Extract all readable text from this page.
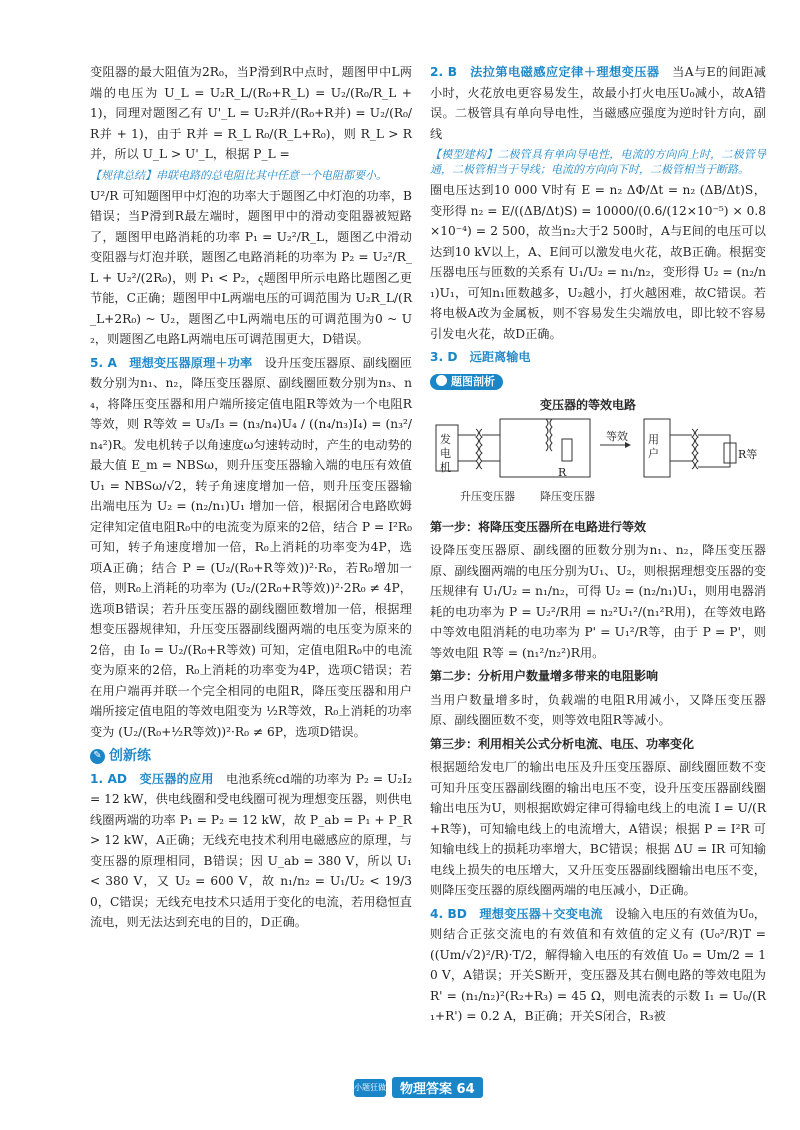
变阻器的最大阻值为2R₀，当P滑到R中点时，题图甲中L两端的电压为 U_L = U₂R_L/(R₀+R_L) = U₂/(R₀/R_L + 1)，同理对题图乙有 U'_L = U₂R并/(R₀+R并) = U₂/(R₀/R并 + 1)，由于 R并 = R_L R₀/(R_L+R₀)，则 R_L > R并，所以 U_L > U'_L，根据 P_L =

【规律总结】串联电路的总电阻比其中任意一个电阻都要小。

U²/R 可知题图甲中灯泡的功率大于题图乙中灯泡的功率，B错误；当P滑到R最左端时，题图甲中的滑动变阻器被短路了，题图甲电路消耗的功率 P₁ = U₂²/R_L，题图乙中滑动变阻器与灯泡并联，题图乙电路消耗的功率为 P₂ = U₂²/R_L + U₂²/(2R₀)，则 P₁ < P₂，ද题图甲所示电路比题图乙更节能，C正确；题图甲中L两端电压的可调范围为 U₂R_L/(R_L+2R₀) ~ U₂，题图乙中L两端电压的可调范围为0 ~ U₂，则题图乙电路L两端电压可调范围更大，D错误。

5. A　理想变压器原理＋功率　 设升压变压器原、副线圈匝数分别为n₁、n₂，降压变压器原、副线圈匝数分别为n₃、n₄，将降压变压器和用户端所接定值电阻R等效为一个电阻R等效，则 R等效 = U₃/I₃ = (n₃/n₄)U₄ / ((n₄/n₃)I₄) = (n₃²/n₄²)R。发电机转子以角速度ω匀速转动时，产生的电动势的最大值 E_m = NBSω，则升压变压器输入端的电压有效值 U₁ = NBSω/√2，转子角速度增加一倍，则升压变压器输出端电压为 U₂ = (n₂/n₁)U₁ 增加一倍，根据闭合电路欧姆定律知定值电阻R₀中的电流变为原来的2倍，结合 P = I²R₀ 可知，转子角速度增加一倍，R₀上消耗的功率变为4P，选项A正确；结合 P = (U₂/(R₀+R等效))²·R₀，若R₀增加一倍，则R₀上消耗的功率为 (U₂/(2R₀+R等效))²·2R₀ ≠ 4P，选项B错误；若升压变压器的副线圈匝数增加一倍，根据理想变压器规律知，升压变压器副线圈两端的电压变为原来的2倍，由 I₀ = U₂/(R₀+R等效) 可知，定值电阻R₀中的电流变为原来的2倍，R₀上消耗的功率变为4P，选项C错误；若在用户端再并联一个完全相同的电阻R，降压变压器和用户端所接定值电阻的等效电阻变为 ½R等效，R₀上消耗的功率变为 (U₂/(R₀+½R等效))²·R₀ ≠ 6P，选项D错误。

✎ 创新练

1. AD　变压器的应用　 电池系统cd端的功率为 P₂ = U₂I₂ = 12 kW，供电线圈和受电线圈可视为理想变压器，则供电线圈两端的功率 P₁ = P₂ = 12 kW，故 P_ab = P₁ + P_R > 12 kW，A正确；无线充电技术利用电磁感应的原理，与变压器的原理相同，B错误；因 U_ab = 380 V，所以 U₁ < 380 V，又 U₂ = 600 V，故 n₁/n₂ = U₁/U₂ < 19/30，C错误；无线充电技术只适用于变化的电流，若用稳恒直流电，则无法达到充电的目的，D正确。

2. B　法拉第电磁感应定律＋理想变压器　 当A与E的间距减小时，火花放电更容易发生，故最小打火电压U₀减小，故A错误。二极管具有单向导电性，当磁感应强度为逆时针方向，副线

【模型建构】二极管具有单向导电性，电流的方向向上时，二极管导通，二极管相当于导线；电流的方向向下时，二极管相当于断路。

圈电压达到10 000 V时有 E = n₂ ΔΦ/Δt = n₂ (ΔB/Δt)S，变形得 n₂ = E/((ΔB/Δt)S) = 10000/(0.6/(12×10⁻⁵) × 0.8×10⁻⁴) = 2 500，故当n₂大于2 500时，A与E间的电压可以达到10 kV以上，A、E间可以激发电火花，故B正确。根据变压器电压与匝数的关系有 U₁/U₂ = n₁/n₂，变形得 U₂ = (n₂/n₁)U₁，可知n₁匝数越多，U₂越小，打火越困难，故C错误。若将电极A改为金属板，则不容易发生尖端放电，即比较不容易引发电火花，故D正确。

3. D　远距离输电

题图剖析
变压器的等效电路
发电机
等效
R
用户	R等
升压变压器 降压变压器

第一步：将降压变压器所在电路进行等效

设降压变压器原、副线圈的匝数分别为n₁、n₂，降压变压器原、副线圈两端的电压分别为U₁、U₂，则根据理想变压器的变压规律有 U₁/U₂ = n₁/n₂，可得 U₂ = (n₂/n₁)U₁，则用电器消耗的电功率为 P = U₂²/R用 = n₂²U₁²/(n₁²R用)，在等效电路中等效电阻消耗的电功率为 P' = U₁²/R等，由于 P = P'，则等效电阻 R等 = (n₁²/n₂²)R用。

第二步：分析用户数量增多带来的电阻影响

当用户数量增多时，负载端的电阻R用减小，又降压变压器原、副线圈匝数不变，则等效电阻R等减小。

第三步：利用相关公式分析电流、电压、功率变化

根据题给发电厂的输出电压及升压变压器原、副线圈匝数不变可知升压变压器副线圈的输出电压不变，设升压变压器副线圈输出电压为U，则根据欧姆定律可得输电线上的电流 I = U/(R+R等)，可知输电线上的电流增大，A错误；根据 P = I²R 可知输电线上的损耗功率增大，BC错误；根据 ΔU = IR 可知输电线上损失的电压增大，又升压变压器副线圈输出电压不变，则降压变压器的原线圈两端的电压减小，D正确。

4. BD　理想变压器＋交变电流　 设输入电压的有效值为U₀，则结合正弦交流电的有效值和有效值的定义有 (U₀²/R)T = ((Um/√2)²/R)·T/2，解得输入电压的有效值 U₀ = Um/2 = 10 V，A错误；开关S断开，变压器及其右侧电路的等效电阻为 R' = (n₁/n₂)²(R₂+R₃) = 45 Ω，则电流表的示数 I₁ = U₀/(R₁+R') = 0.2 A，B正确；开关S闭合，R₃被

小题狂做	物理答案 64
